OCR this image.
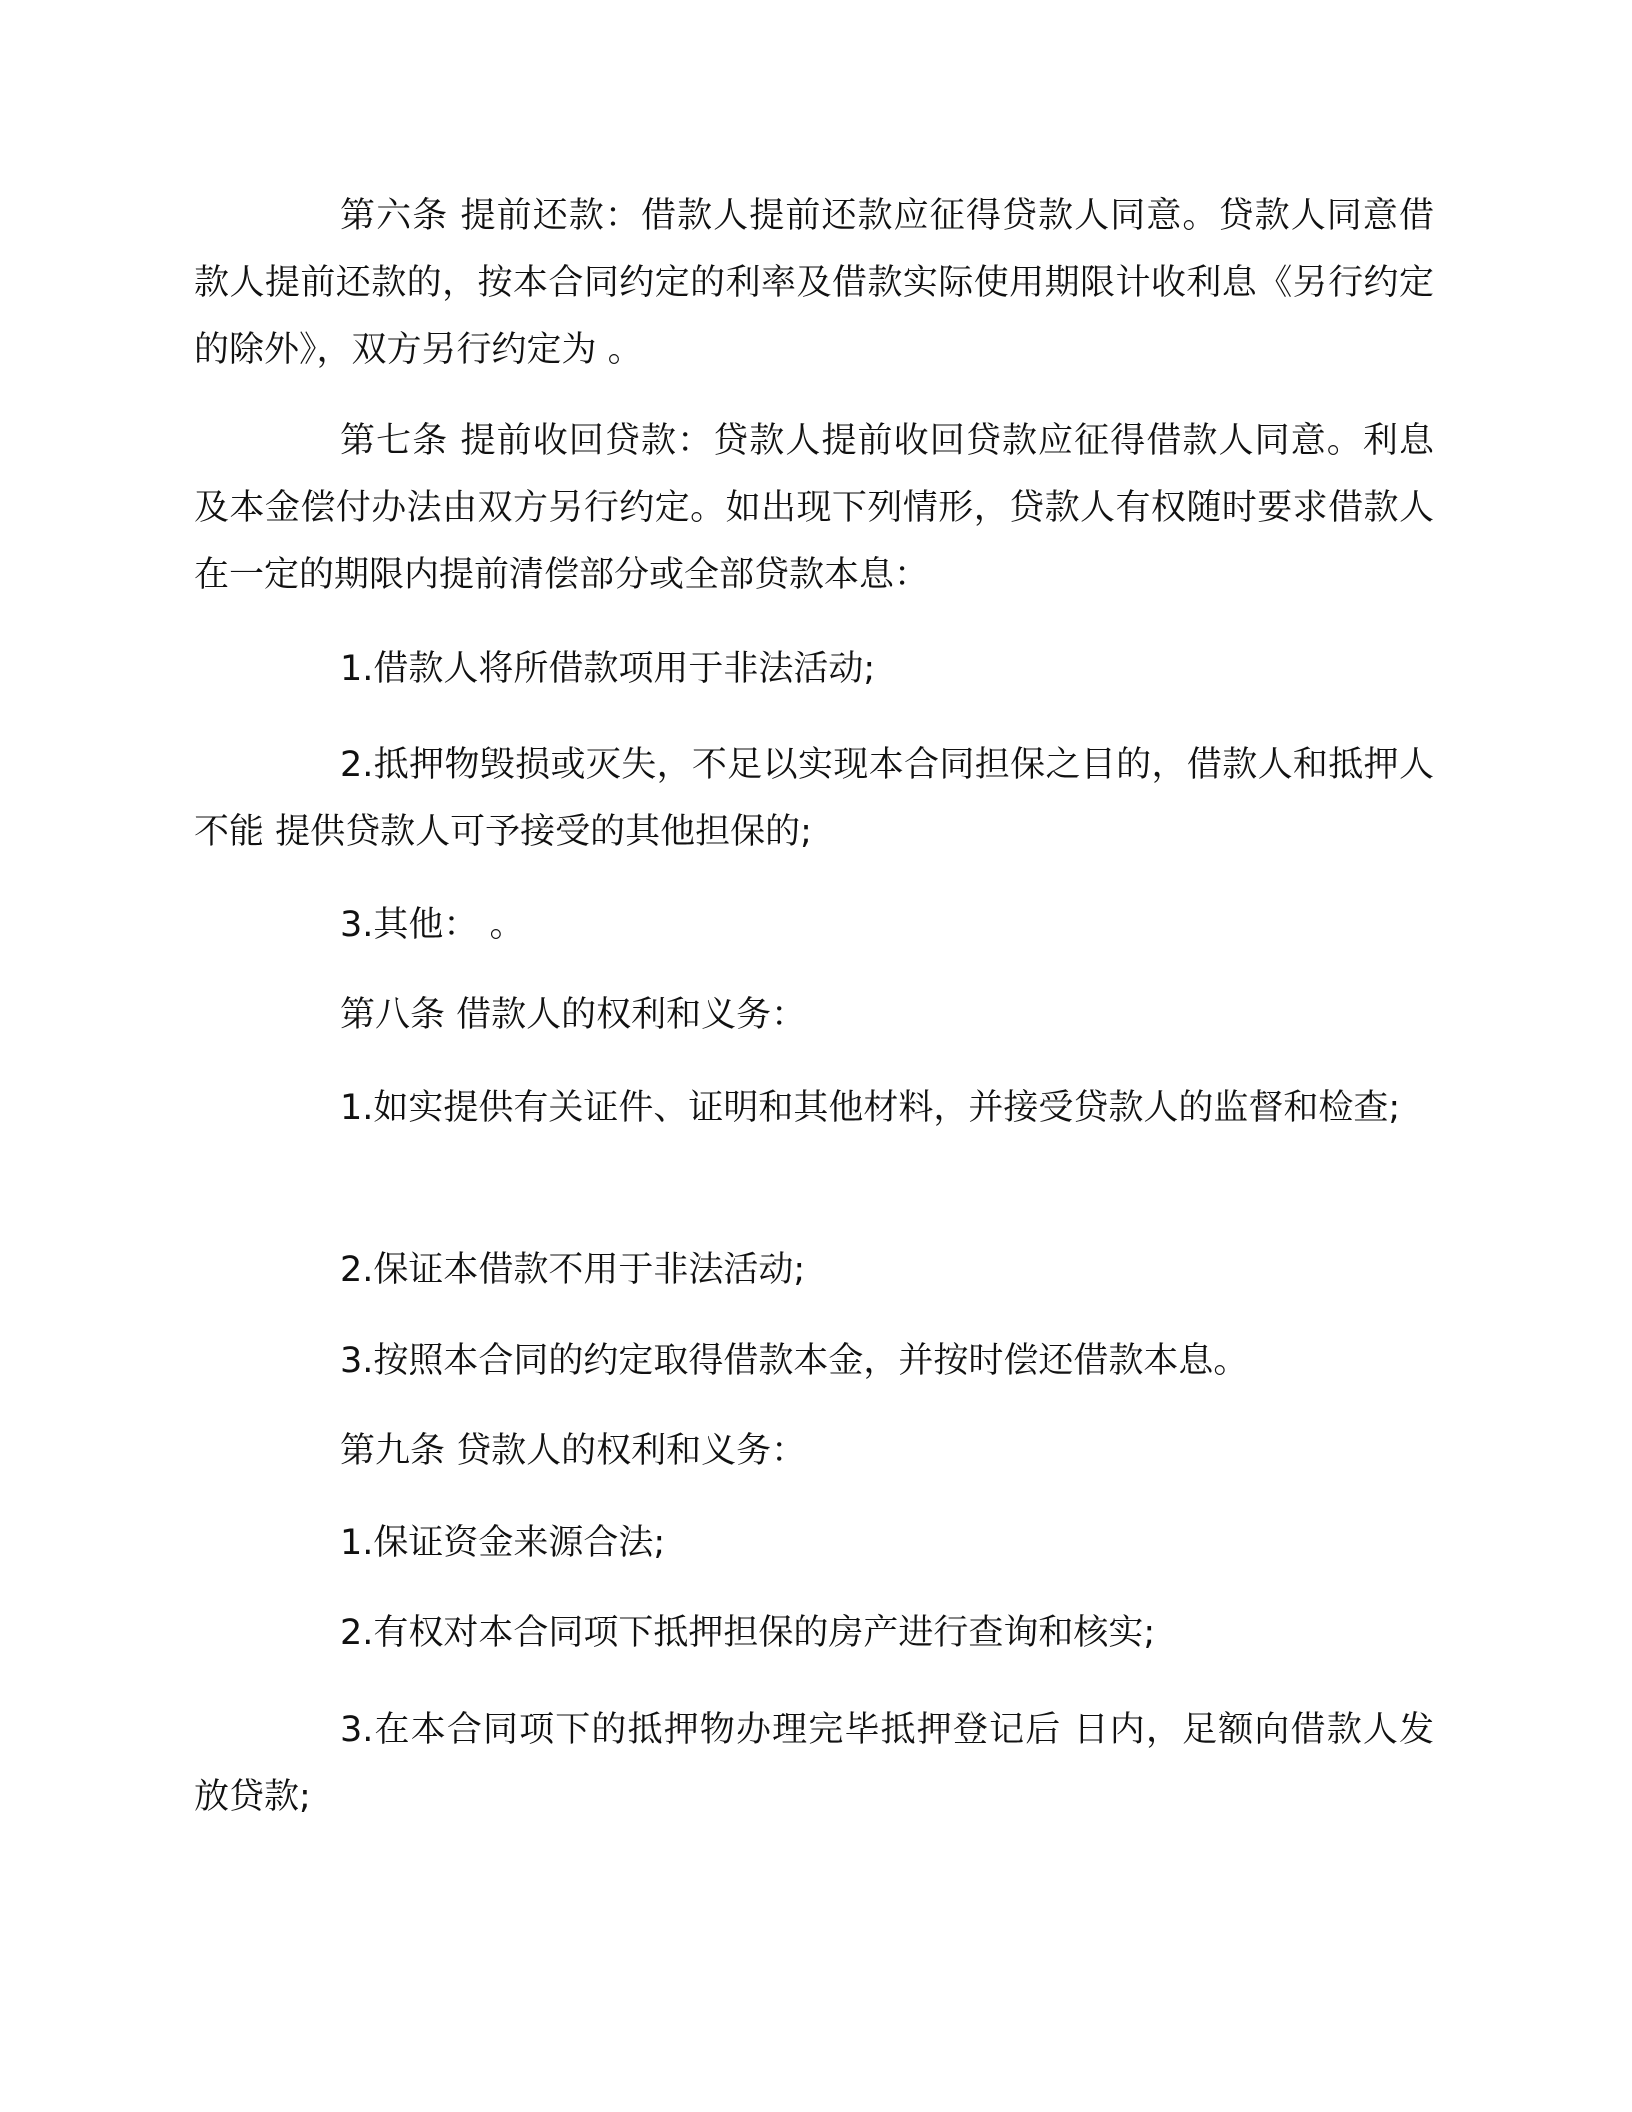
第六条 提前还款：借款人提前还款应征得贷款人同意。贷款人同意借款人提前还款的，按本合同约定的利率及借款实际使用期限计收利息《另行约定的除外》，双方另行约定为 。

第七条 提前收回贷款：贷款人提前收回贷款应征得借款人同意。利息及本金偿付办法由双方另行约定。如出现下列情形，贷款人有权随时要求借款人在一定的期限内提前清偿部分或全部贷款本息：

1.借款人将所借款项用于非法活动;

2.抵押物毁损或灭失，不足以实现本合同担保之目的，借款人和抵押人不能 提供贷款人可予接受的其他担保的;

3.其他： 。

第八条 借款人的权利和义务：

1.如实提供有关证件、证明和其他材料，并接受贷款人的监督和检查;

2.保证本借款不用于非法活动;

3.按照本合同的约定取得借款本金，并按时偿还借款本息。

第九条 贷款人的权利和义务：

1.保证资金来源合法;

2.有权对本合同项下抵押担保的房产进行查询和核实;

3.在本合同项下的抵押物办理完毕抵押登记后 日内，足额向借款人发 放贷款;
